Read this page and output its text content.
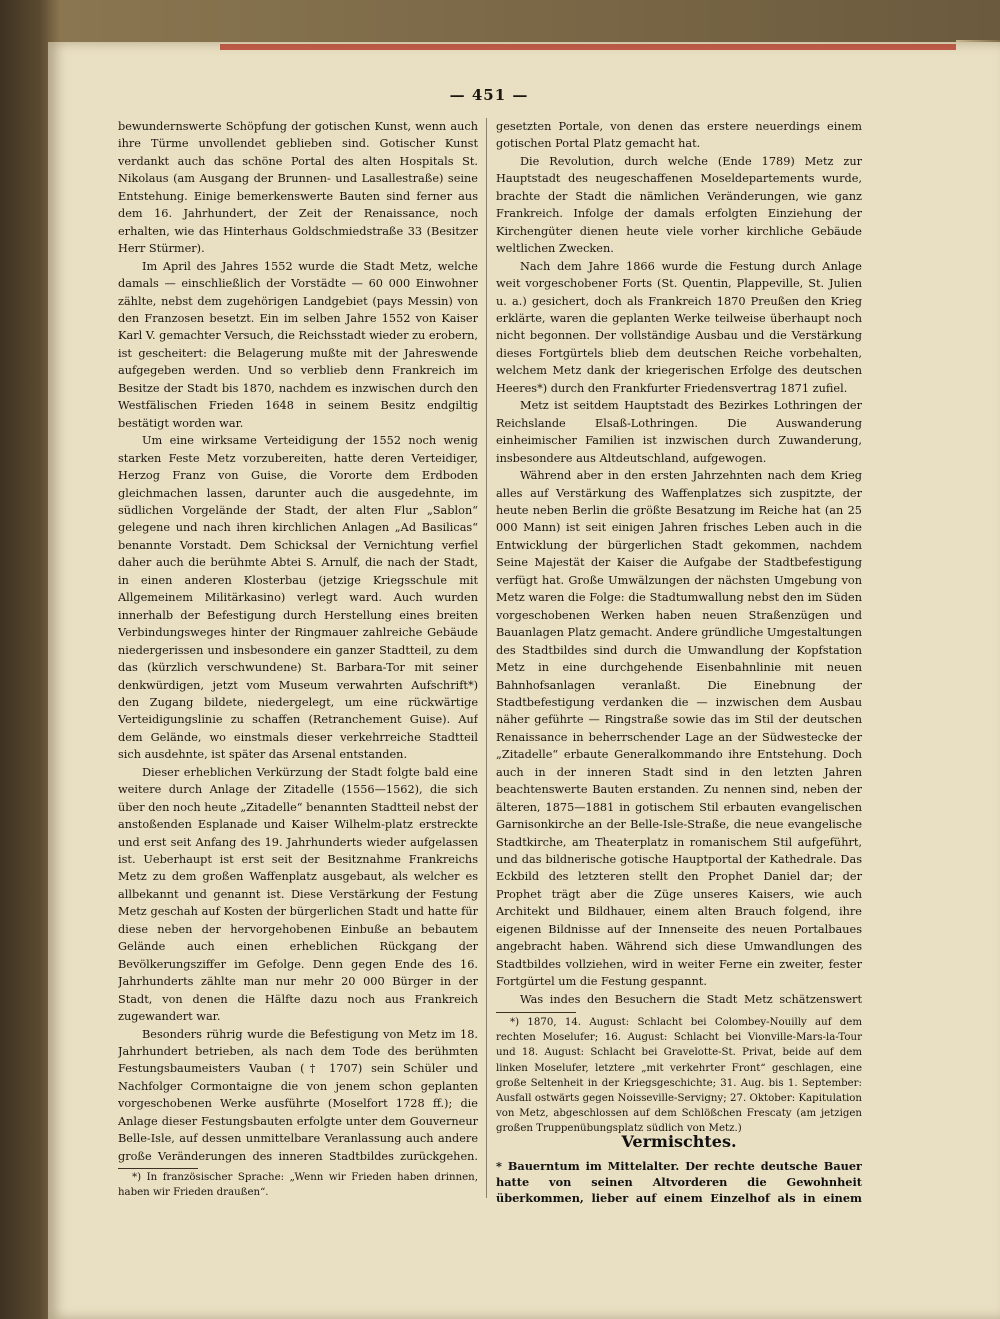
— 451 —

bewundernswerte Schöpfung der gotischen Kunst, wenn auch ihre Türme unvollendet geblieben sind. Gotischer Kunst verdankt auch das schöne Portal des alten Hospitals St. Nikolaus (am Ausgang der Brunnen- und Lasallestraße) seine Entstehung. Einige bemerkenswerte Bauten sind ferner aus dem 16. Jahrhundert, der Zeit der Renaissance, noch erhalten, wie das Hinterhaus Goldschmiedstraße 33 (Besitzer Herr Stürmer).

Im April des Jahres 1552 wurde die Stadt Metz, welche damals — einschließlich der Vorstädte — 60 000 Einwohner zählte, nebst dem zugehörigen Landgebiet (pays Messin) von den Franzosen besetzt. Ein im selben Jahre 1552 von Kaiser Karl V. gemachter Versuch, die Reichsstadt wieder zu erobern, ist gescheitert: die Belagerung mußte mit der Jahreswende aufgegeben werden. Und so verblieb denn Frankreich im Besitze der Stadt bis 1870, nachdem es inzwischen durch den Westfälischen Frieden 1648 in seinem Besitz endgiltig bestätigt worden war.

Um eine wirksame Verteidigung der 1552 noch wenig starken Feste Metz vorzubereiten, hatte deren Verteidiger, Herzog Franz von Guise, die Vororte dem Erdboden gleichmachen lassen, darunter auch die ausgedehnte, im südlichen Vorgelände der Stadt, der alten Flur „Sablon“ gelegene und nach ihren kirchlichen Anlagen „Ad Basilicas“ benannte Vorstadt. Dem Schicksal der Vernichtung verfiel daher auch die berühmte Abtei S. Arnulf, die nach der Stadt, in einen anderen Klosterbau (jetzige Kriegsschule mit Allgemeinem Militärkasino) verlegt ward. Auch wurden innerhalb der Befestigung durch Herstellung eines breiten Verbindungsweges hinter der Ringmauer zahlreiche Gebäude niedergerissen und insbesondere ein ganzer Stadtteil, zu dem das (kürzlich verschwundene) St. Barbara-Tor mit seiner denkwürdigen, jetzt vom Museum verwahrten Aufschrift*) den Zugang bildete, niedergelegt, um eine rückwärtige Verteidigungslinie zu schaffen (Retranchement Guise). Auf dem Gelände, wo einstmals dieser verkehrreiche Stadtteil sich ausdehnte, ist später das Arsenal entstanden.

Dieser erheblichen Verkürzung der Stadt folgte bald eine weitere durch Anlage der Zitadelle (1556—1562), die sich über den noch heute „Zitadelle“ benannten Stadtteil nebst der anstoßenden Esplanade und Kaiser Wilhelm-platz erstreckte und erst seit Anfang des 19. Jahrhunderts wieder aufgelassen ist. Ueberhaupt ist erst seit der Besitznahme Frankreichs Metz zu dem großen Waffenplatz ausgebaut, als welcher es allbekannt und genannt ist. Diese Verstärkung der Festung Metz geschah auf Kosten der bürgerlichen Stadt und hatte für diese neben der hervorgehobenen Einbuße an bebautem Gelände auch einen erheblichen Rückgang der Bevölkerungsziffer im Gefolge. Denn gegen Ende des 16. Jahrhunderts zählte man nur mehr 20 000 Bürger in der Stadt, von denen die Hälfte dazu noch aus Frankreich zugewandert war.

Besonders rührig wurde die Befestigung von Metz im 18. Jahrhundert betrieben, als nach dem Tode des berühmten Festungsbaumeisters Vauban († 1707) sein Schüler und Nachfolger Cormontaigne die von jenem schon geplanten vorgeschobenen Werke ausführte (Moselfort 1728 ff.); die Anlage dieser Festungsbauten erfolgte unter dem Gouverneur Belle-Isle, auf dessen unmittelbare Veranlassung auch andere große Veränderungen des inneren Stadtbildes zurückgehen.

*) In französischer Sprache: „Wenn wir Frieden haben drinnen, haben wir Frieden draußen“.

gesetzten Portale, von denen das erstere neuerdings einem gotischen Portal Platz gemacht hat.

Die Revolution, durch welche (Ende 1789) Metz zur Hauptstadt des neugeschaffenen Moseldepartements wurde, brachte der Stadt die nämlichen Veränderungen, wie ganz Frankreich. Infolge der damals erfolgten Einziehung der Kirchengüter dienen heute viele vorher kirchliche Gebäude weltlichen Zwecken.

Nach dem Jahre 1866 wurde die Festung durch Anlage weit vorgeschobener Forts (St. Quentin, Plappeville, St. Julien u. a.) gesichert, doch als Frankreich 1870 Preußen den Krieg erklärte, waren die geplanten Werke teilweise überhaupt noch nicht begonnen. Der vollständige Ausbau und die Verstärkung dieses Fortgürtels blieb dem deutschen Reiche vorbehalten, welchem Metz dank der kriegerischen Erfolge des deutschen Heeres*) durch den Frankfurter Friedensvertrag 1871 zufiel.

Metz ist seitdem Hauptstadt des Bezirkes Lothringen der Reichslande Elsaß-Lothringen. Die Auswanderung einheimischer Familien ist inzwischen durch Zuwanderung, insbesondere aus Altdeutschland, aufgewogen.

Während aber in den ersten Jahrzehnten nach dem Krieg alles auf Verstärkung des Waffenplatzes sich zuspitzte, der heute neben Berlin die größte Besatzung im Reiche hat (an 25 000 Mann) ist seit einigen Jahren frisches Leben auch in die Entwicklung der bürgerlichen Stadt gekommen, nachdem Seine Majestät der Kaiser die Aufgabe der Stadtbefestigung verfügt hat. Große Umwälzungen der nächsten Umgebung von Metz waren die Folge: die Stadtumwallung nebst den im Süden vorgeschobenen Werken haben neuen Straßenzügen und Bauanlagen Platz gemacht. Andere gründliche Umgestaltungen des Stadtbildes sind durch die Umwandlung der Kopfstation Metz in eine durchgehende Eisenbahnlinie mit neuen Bahnhofsanlagen veranlaßt. Die Einebnung der Stadtbefestigung verdanken die — inzwischen dem Ausbau näher geführte — Ringstraße sowie das im Stil der deutschen Renaissance in beherrschender Lage an der Südwestecke der „Zitadelle“ erbaute Generalkommando ihre Entstehung. Doch auch in der inneren Stadt sind in den letzten Jahren beachtenswerte Bauten erstanden. Zu nennen sind, neben der älteren, 1875—1881 in gotischem Stil erbauten evangelischen Garnisonkirche an der Belle-Isle-Straße, die neue evangelische Stadtkirche, am Theaterplatz in romanischem Stil aufgeführt, und das bildnerische gotische Hauptportal der Kathedrale. Das Eckbild des letzteren stellt den Prophet Daniel dar; der Prophet trägt aber die Züge unseres Kaisers, wie auch Architekt und Bildhauer, einem alten Brauch folgend, ihre eigenen Bildnisse auf der Innenseite des neuen Portalbaues angebracht haben. Während sich diese Umwandlungen des Stadtbildes vollziehen, wird in weiter Ferne ein zweiter, fester Fortgürtel um die Festung gespannt.

Was indes den Besuchern die Stadt Metz schätzenswert

*) 1870, 14. August: Schlacht bei Colombey-Nouilly auf dem rechten Moselufer; 16. August: Schlacht bei Vionville-Mars-la-Tour und 18. August: Schlacht bei Gravelotte-St. Privat, beide auf dem linken Moselufer, letztere „mit verkehrter Front“ geschlagen, eine große Seltenheit in der Kriegsgeschichte; 31. Aug. bis 1. September: Ausfall ostwärts gegen Noisseville-Servigny; 27. Oktober: Kapitulation von Metz, abgeschlossen auf dem Schlößchen Frescaty (am jetzigen großen Truppenübungsplatz südlich von Metz.)

Vermischtes.
* Bauerntum im Mittelalter. Der rechte deutsche Bauer hatte von seinen Altvorderen die Gewohnheit überkommen, lieber auf einem Einzelhof als in einem
